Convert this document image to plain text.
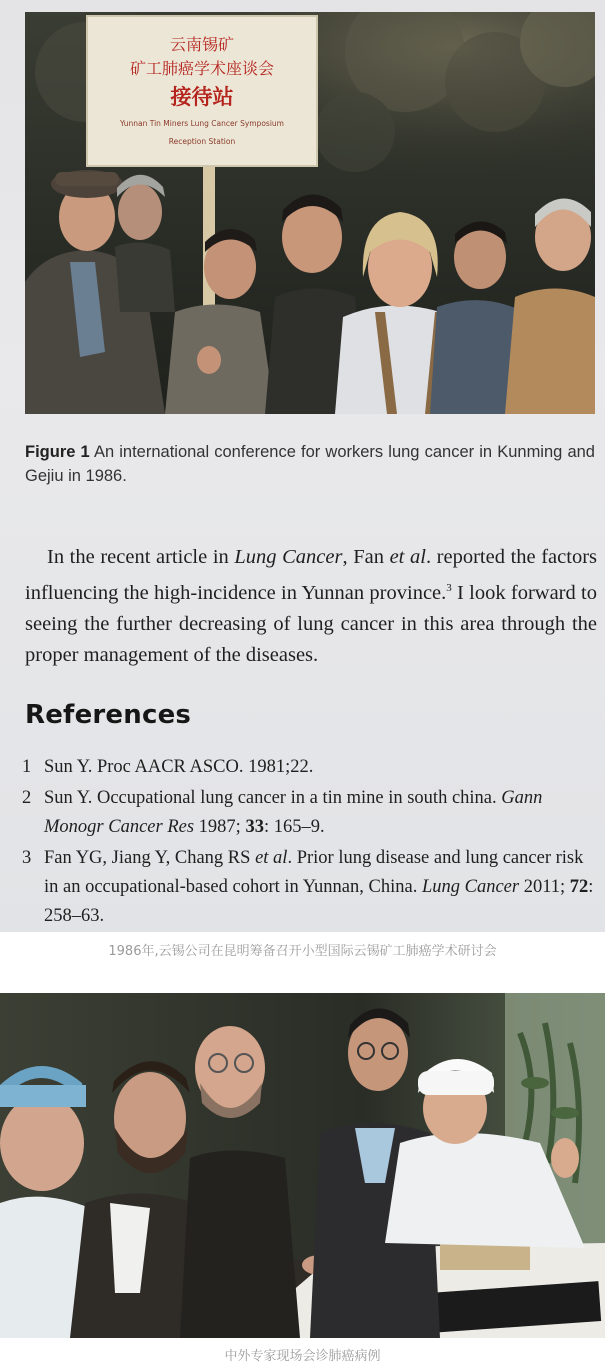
云南锡矿
矿工肺癌学术座谈会
接待站
Yunnan Tin Miners Lung Cancer Symposium
Reception Station
Figure 1 An international conference for workers lung cancer in Kunming and Gejiu in 1986.
In the recent article in Lung Cancer, Fan et al. reported the factors influencing the high-incidence in Yunnan province.$^3$ I look forward to seeing the further decreasing of lung cancer in this area through the proper management of the diseases.
References
1 Sun Y. Proc AACR ASCO. 1981;22.
2 Sun Y. Occupational lung cancer in a tin mine in south china. Gann Monogr Cancer Res 1987; 33: 165–9.
3 Fan YG, Jiang Y, Chang RS et al. Prior lung disease and lung cancer risk in an occupational-based cohort in Yunnan, China. Lung Cancer 2011; 72: 258–63.
1986年,云锡公司在昆明筹备召开小型国际云锡矿工肺癌学术研讨会
中外专家现场会诊肺癌病例
